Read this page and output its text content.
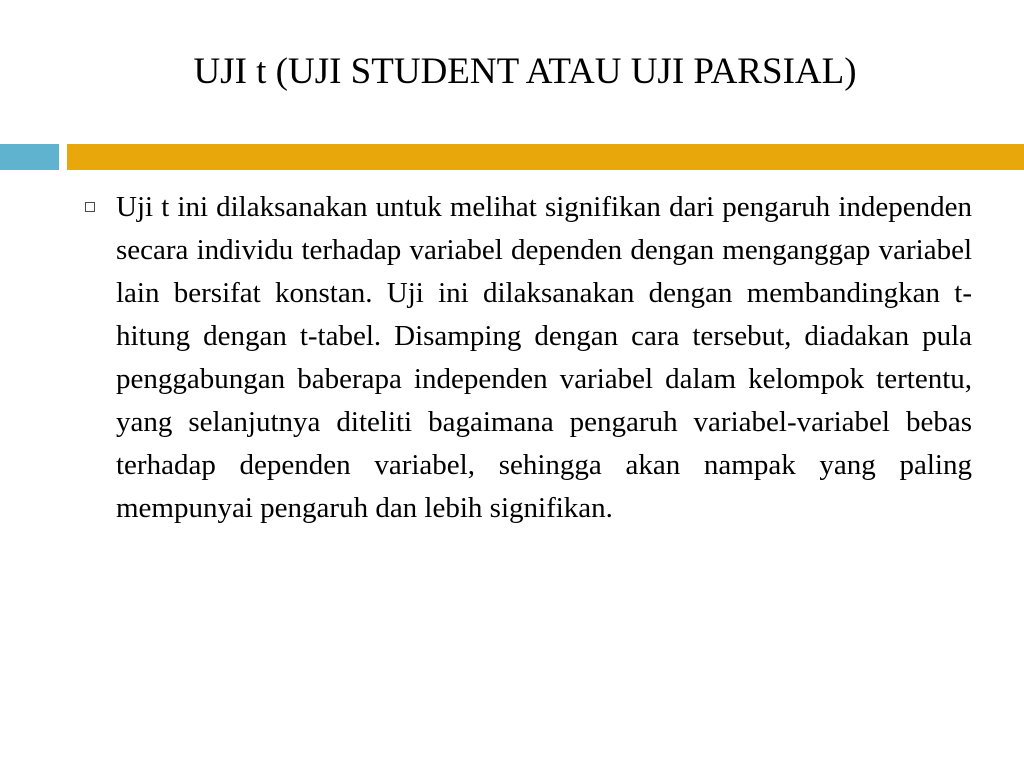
UJI t (UJI STUDENT ATAU UJI PARSIAL)
Uji t ini dilaksanakan untuk melihat signifikan dari pengaruh independen secara individu terhadap variabel dependen dengan menganggap variabel lain bersifat konstan. Uji ini dilaksanakan dengan membandingkan t-hitung dengan t-tabel. Disamping dengan cara tersebut, diadakan pula penggabungan baberapa independen variabel dalam kelompok tertentu, yang selanjutnya diteliti bagaimana pengaruh variabel-variabel bebas terhadap dependen variabel, sehingga akan nampak yang paling mempunyai pengaruh dan lebih signifikan.
